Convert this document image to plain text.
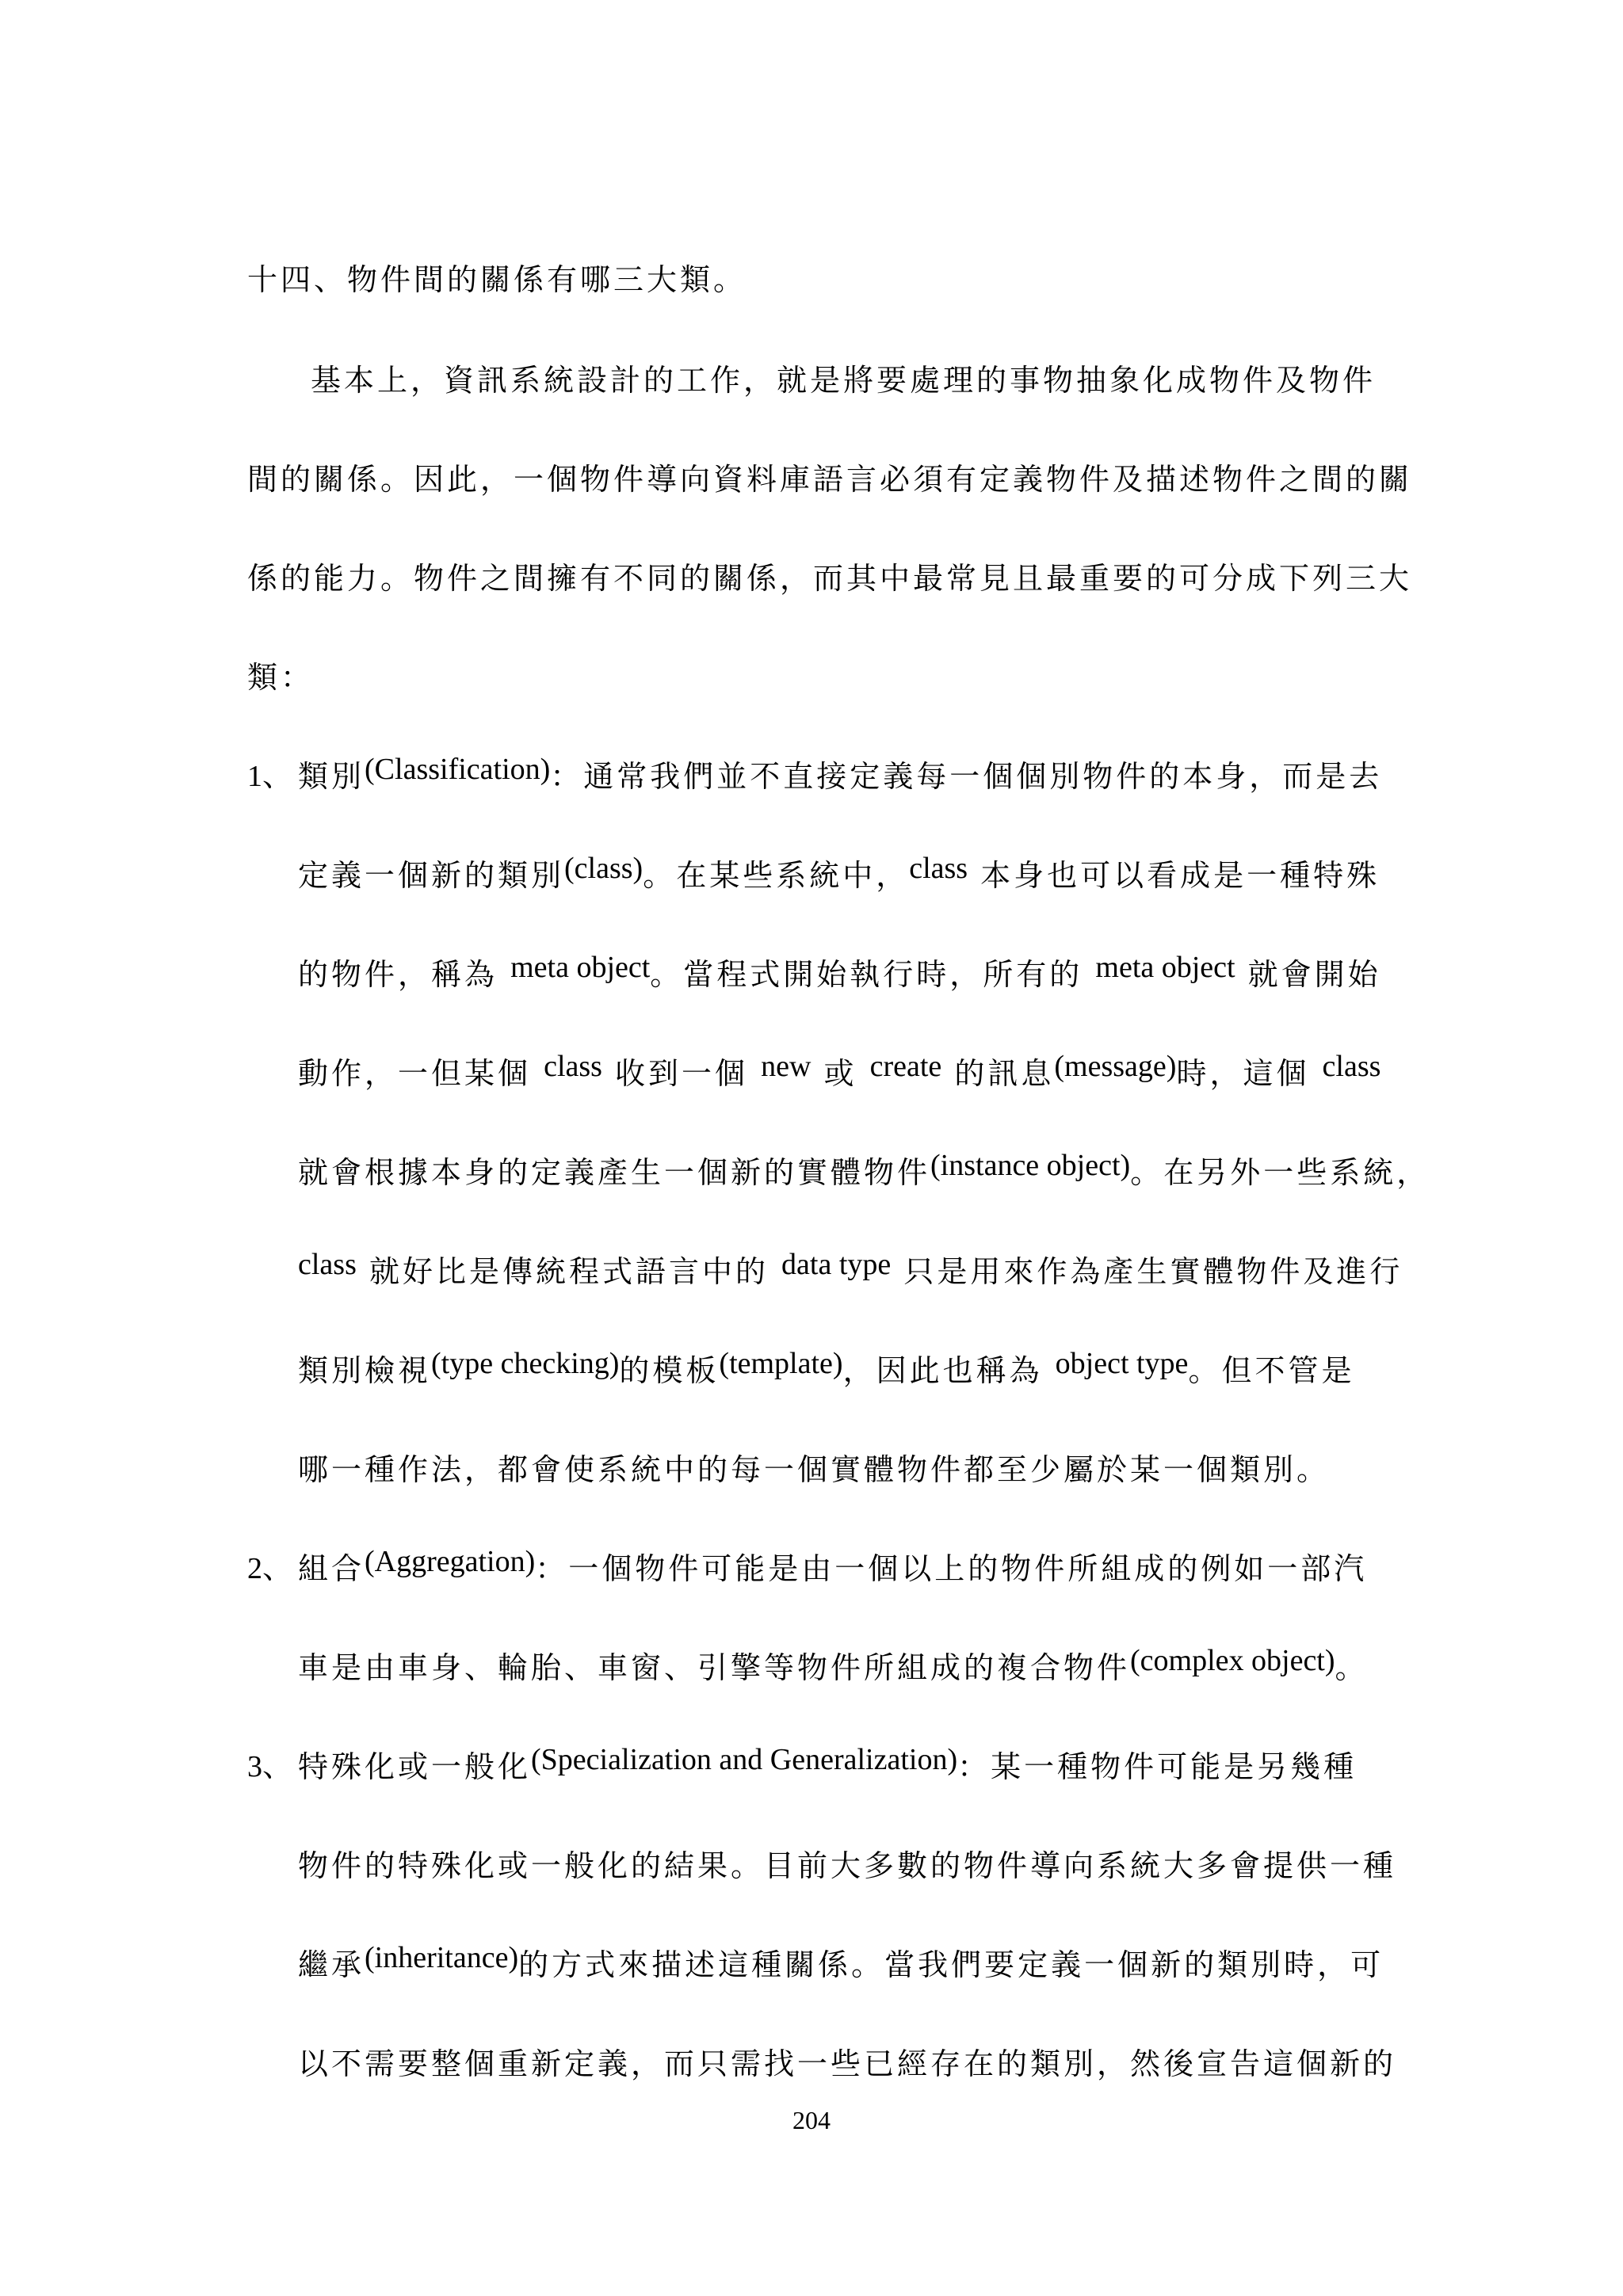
十四、物件間的關係有哪三大類。
基本上，資訊系統設計的工作，就是將要處理的事物抽象化成物件及物件
間的關係。因此，一個物件導向資料庫語言必須有定義物件及描述物件之間的關
係的能力。物件之間擁有不同的關係，而其中最常見且最重要的可分成下列三大
類：
1、 類別(Classification)：通常我們並不直接定義每一個個別物件的本身，而是去
定義一個新的類別(class)。在某些系統中，class 本身也可以看成是一種特殊
的物件，稱為 meta object。當程式開始執行時，所有的 meta object 就會開始
動作，一但某個 class 收到一個 new 或 create 的訊息(message)時，這個 class
就會根據本身的定義產生一個新的實體物件(instance object)。在另外一些系統，
class 就好比是傳統程式語言中的 data type 只是用來作為產生實體物件及進行
類別檢視(type checking)的模板(template)，因此也稱為 object type。但不管是
哪一種作法，都會使系統中的每一個實體物件都至少屬於某一個類別。
2、 組合(Aggregation)：一個物件可能是由一個以上的物件所組成的例如一部汽
車是由車身、輪胎、車窗、引擎等物件所組成的複合物件(complex object)。
3、 特殊化或一般化(Specialization and Generalization)：某一種物件可能是另幾種
物件的特殊化或一般化的結果。目前大多數的物件導向系統大多會提供一種
繼承(inheritance)的方式來描述這種關係。當我們要定義一個新的類別時，可
以不需要整個重新定義，而只需找一些已經存在的類別，然後宣告這個新的
204
